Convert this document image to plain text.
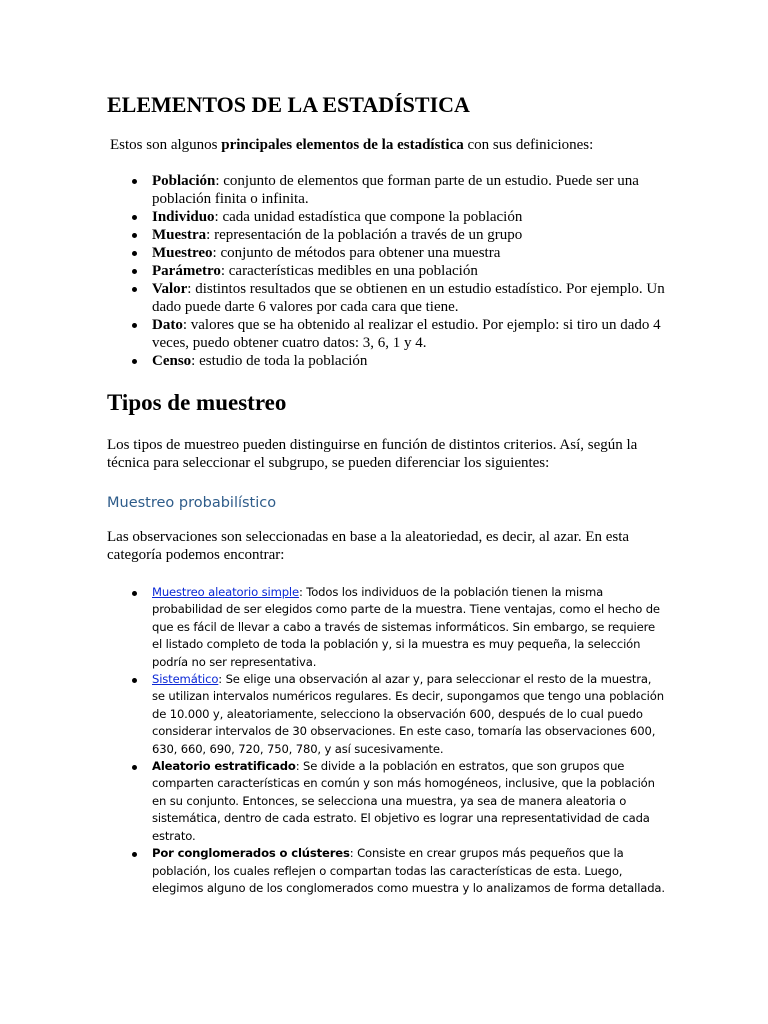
ELEMENTOS DE LA ESTADÍSTICA

Estos son algunos principales elementos de la estadística con sus definiciones:

Población: conjunto de elementos que forman parte de un estudio. Puede ser una población finita o infinita.
Individuo: cada unidad estadística que compone la población
Muestra: representación de la población a través de un grupo
Muestreo: conjunto de métodos para obtener una muestra
Parámetro: características medibles en una población
Valor: distintos resultados que se obtienen en un estudio estadístico. Por ejemplo. Un dado puede darte 6 valores por cada cara que tiene.
Dato: valores que se ha obtenido al realizar el estudio. Por ejemplo: si tiro un dado 4 veces, puedo obtener cuatro datos: 3, 6, 1 y 4.
Censo: estudio de toda la población
Tipos de muestreo

Los tipos de muestreo pueden distinguirse en función de distintos criterios. Así, según la técnica para seleccionar el subgrupo, se pueden diferenciar los siguientes:

Muestreo probabilístico

Las observaciones son seleccionadas en base a la aleatoriedad, es decir, al azar. En esta categoría podemos encontrar:

Muestreo aleatorio simple: Todos los individuos de la población tienen la misma probabilidad de ser elegidos como parte de la muestra. Tiene ventajas, como el hecho de que es fácil de llevar a cabo a través de sistemas informáticos. Sin embargo, se requiere el listado completo de toda la población y, si la muestra es muy pequeña, la selección podría no ser representativa.
Sistemático: Se elige una observación al azar y, para seleccionar el resto de la muestra, se utilizan intervalos numéricos regulares. Es decir, supongamos que tengo una población de 10.000 y, aleatoriamente, selecciono la observación 600, después de lo cual puedo considerar intervalos de 30 observaciones. En este caso, tomaría las observaciones 600, 630, 660, 690, 720, 750, 780, y así sucesivamente.
Aleatorio estratificado: Se divide a la población en estratos, que son grupos que comparten características en común y son más homogéneos, inclusive, que la población en su conjunto. Entonces, se selecciona una muestra, ya sea de manera aleatoria o sistemática, dentro de cada estrato. El objetivo es lograr una representatividad de cada estrato.
Por conglomerados o clústeres: Consiste en crear grupos más pequeños que la población, los cuales reflejen o compartan todas las características de esta. Luego, elegimos alguno de los conglomerados como muestra y lo analizamos de forma detallada.
